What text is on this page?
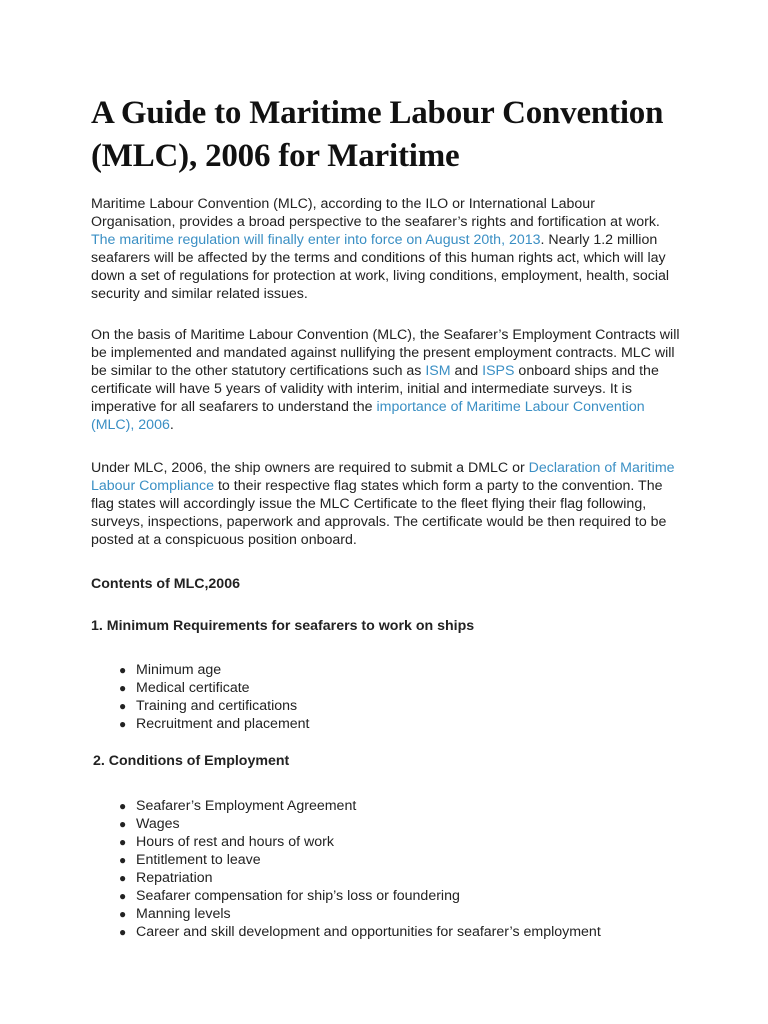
A Guide to Maritime Labour Convention (MLC), 2006 for Maritime

Maritime Labour Convention (MLC), according to the ILO or International Labour Organisation, provides a broad perspective to the seafarer’s rights and fortification at work. The maritime regulation will finally enter into force on August 20th, 2013. Nearly 1.2 million seafarers will be affected by the terms and conditions of this human rights act, which will lay down a set of regulations for protection at work, living conditions, employment, health, social security and similar related issues.

On the basis of Maritime Labour Convention (MLC), the Seafarer’s Employment Contracts will be implemented and mandated against nullifying the present employment contracts. MLC will be similar to the other statutory certifications such as ISM and ISPS onboard ships and the certificate will have 5 years of validity with interim, initial and intermediate surveys. It is imperative for all seafarers to understand the importance of Maritime Labour Convention (MLC), 2006.

Under MLC, 2006, the ship owners are required to submit a DMLC or Declaration of Maritime Labour Compliance to their respective flag states which form a party to the convention. The flag states will accordingly issue the MLC Certificate to the fleet flying their flag following, surveys, inspections, paperwork and approvals. The certificate would be then required to be posted at a conspicuous position onboard.

Contents of MLC,2006
1. Minimum Requirements for seafarers to work on ships
● Minimum age
● Medical certificate
● Training and certifications
● Recruitment and placement
2. Conditions of Employment
● Seafarer’s Employment Agreement
● Wages
● Hours of rest and hours of work
● Entitlement to leave
● Repatriation
● Seafarer compensation for ship’s loss or foundering
● Manning levels
● Career and skill development and opportunities for seafarer’s employment
